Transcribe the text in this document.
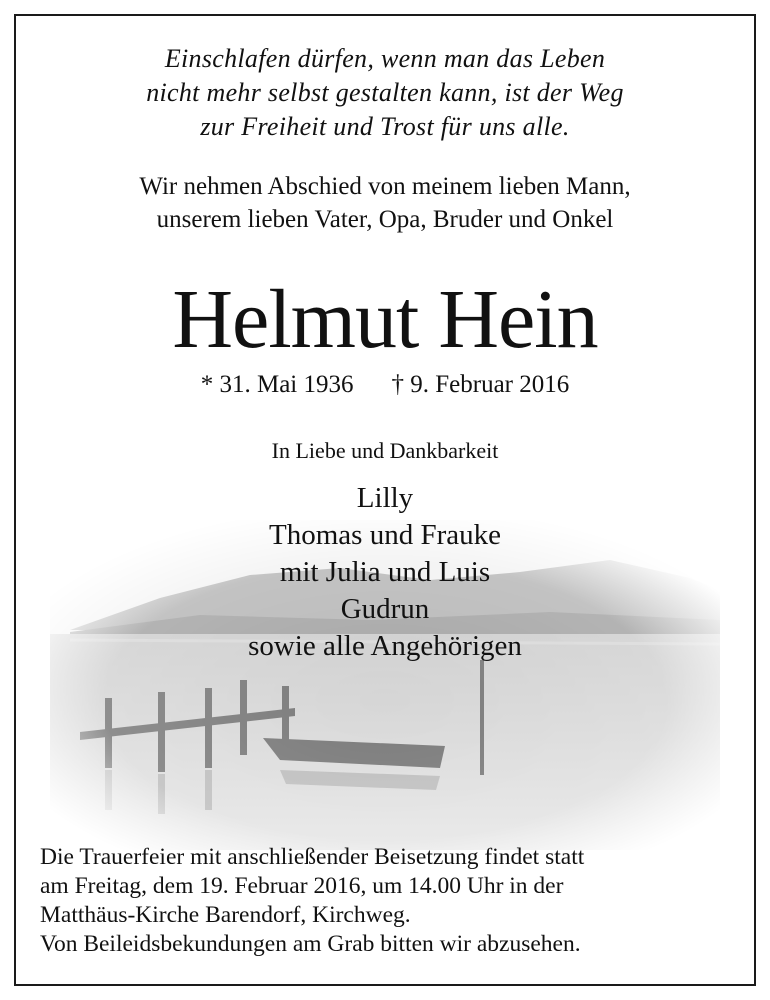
Einschlafen dürfen, wenn man das Leben
nicht mehr selbst gestalten kann, ist der Weg
zur Freiheit und Trost für uns alle.
Wir nehmen Abschied von meinem lieben Mann,
unserem lieben Vater, Opa, Bruder und Onkel
Helmut Hein
* 31. Mai 1936 † 9. Februar 2016
In Liebe und Dankbarkeit
Lilly
Thomas und Frauke
mit Julia und Luis
Gudrun
sowie alle Angehörigen
Die Trauerfeier mit anschließender Beisetzung findet statt
am Freitag, dem 19. Februar 2016, um 14.00 Uhr in der
Matthäus-Kirche Barendorf, Kirchweg.
Von Beileidsbekundungen am Grab bitten wir abzusehen.
